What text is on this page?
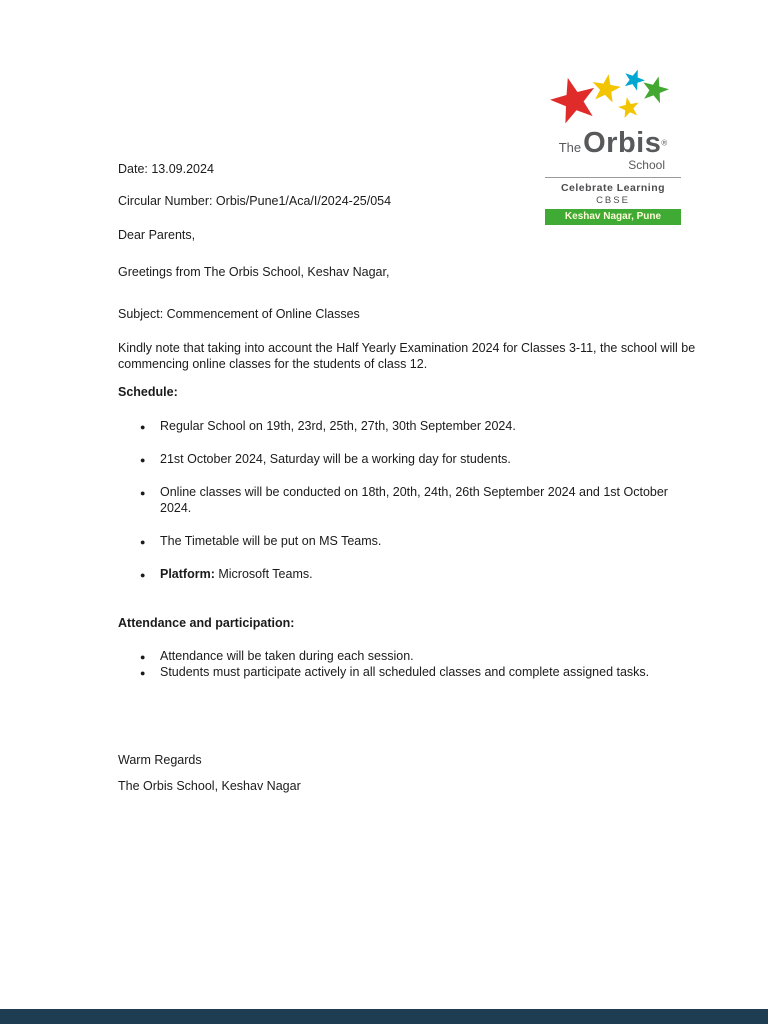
TheOrbis®
School
Celebrate Learning
CBSE
Keshav Nagar, Pune

Date: 13.09.2024

Circular Number: Orbis/Pune1/Aca/I/2024-25/054

Dear Parents,

Greetings from The Orbis School, Keshav Nagar,

Subject: Commencement of Online Classes

Kindly note that taking into account the Half Yearly Examination 2024 for Classes 3-11, the school will be commencing online classes for the students of class 12.

Schedule:

● Regular School on 19th, 23rd, 25th, 27th, 30th September 2024.
● 21st October 2024, Saturday will be a working day for students.
● Online classes will be conducted on 18th, 20th, 24th, 26th September 2024 and 1st October 2024.
● The Timetable will be put on MS Teams.
● Platform: Microsoft Teams.

Attendance and participation:

● Attendance will be taken during each session.
● Students must participate actively in all scheduled classes and complete assigned tasks.

Warm Regards

The Orbis School, Keshav Nagar
